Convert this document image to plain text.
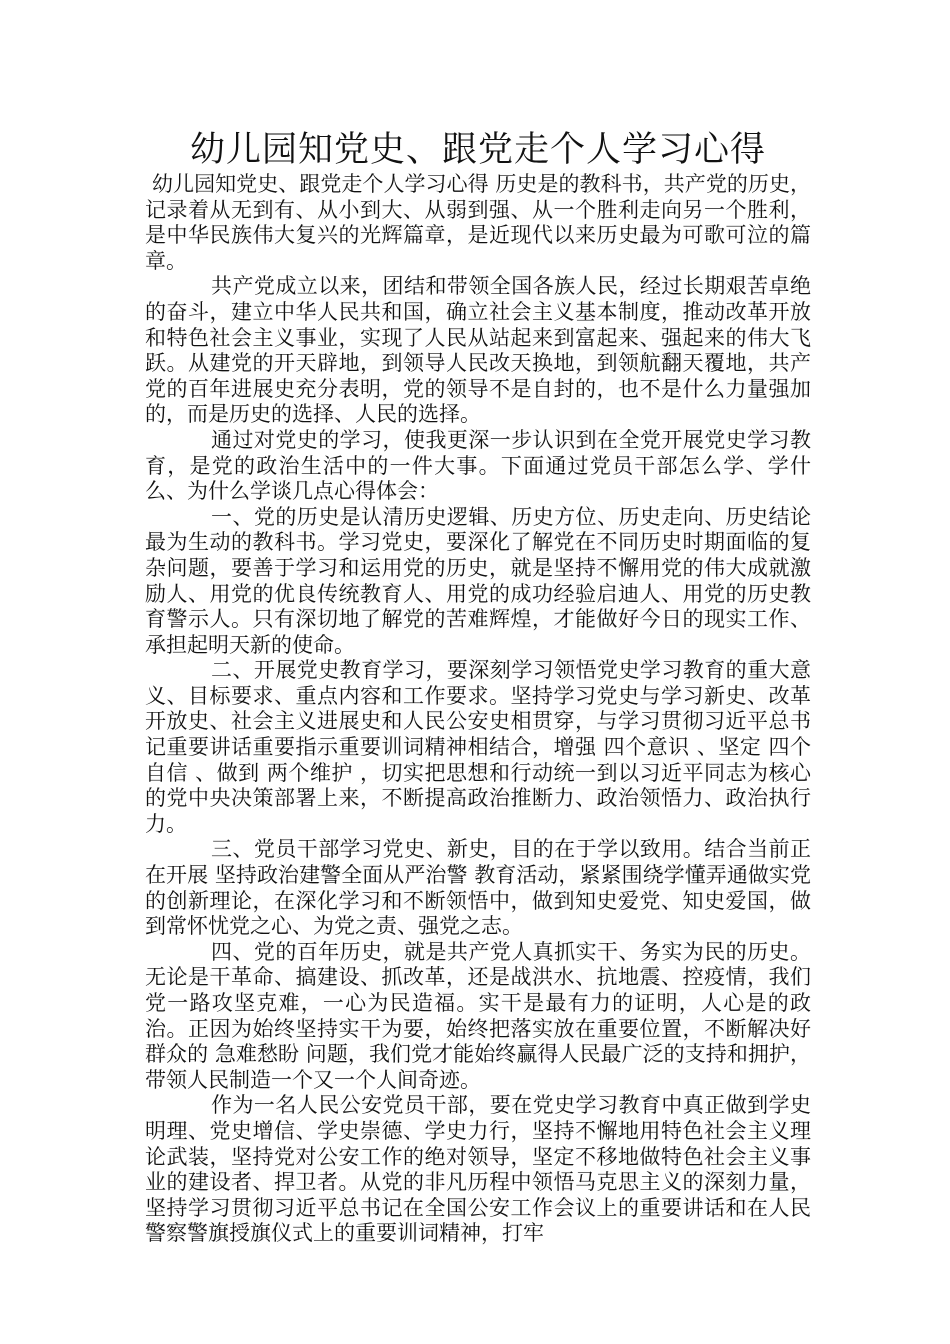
幼儿园知党史、跟党走个人学习心得

幼儿园知党史、跟党走个人学习心得 历史是的教科书，共产党的历史，记录着从无到有、从小到大、从弱到强、从一个胜利走向另一个胜利，是中华民族伟大复兴的光辉篇章，是近现代以来历史最为可歌可泣的篇章。

共产党成立以来，团结和带领全国各族人民，经过长期艰苦卓绝的奋斗，建立中华人民共和国，确立社会主义基本制度，推动改革开放和特色社会主义事业，实现了人民从站起来到富起来、强起来的伟大飞跃。从建党的开天辟地，到领导人民改天换地，到领航翻天覆地，共产党的百年进展史充分表明，党的领导不是自封的，也不是什么力量强加的，而是历史的选择、人民的选择。

通过对党史的学习，使我更深一步认识到在全党开展党史学习教育，是党的政治生活中的一件大事。下面通过党员干部怎么学、学什么、为什么学谈几点心得体会：

一、党的历史是认清历史逻辑、历史方位、历史走向、历史结论最为生动的教科书。学习党史，要深化了解党在不同历史时期面临的复杂问题，要善于学习和运用党的历史，就是坚持不懈用党的伟大成就激励人、用党的优良传统教育人、用党的成功经验启迪人、用党的历史教育警示人。只有深切地了解党的苦难辉煌，才能做好今日的现实工作、承担起明天新的使命。

二、开展党史教育学习，要深刻学习领悟党史学习教育的重大意义、目标要求、重点内容和工作要求。坚持学习党史与学习新史、改革开放史、社会主义进展史和人民公安史相贯穿，与学习贯彻习近平总书记重要讲话重要指示重要训词精神相结合，增强 四个意识 、坚定 四个自信 、做到 两个维护 ，切实把思想和行动统一到以习近平同志为核心的党中央决策部署上来，不断提高政治推断力、政治领悟力、政治执行力。

三、党员干部学习党史、新史，目的在于学以致用。结合当前正在开展 坚持政治建警全面从严治警 教育活动，紧紧围绕学懂弄通做实党的创新理论，在深化学习和不断领悟中，做到知史爱党、知史爱国，做到常怀忧党之心、为党之责、强党之志。

四、党的百年历史，就是共产党人真抓实干、务实为民的历史。无论是干革命、搞建设、抓改革，还是战洪水、抗地震、控疫情，我们党一路攻坚克难，一心为民造福。实干是最有力的证明，人心是的政治。正因为始终坚持实干为要，始终把落实放在重要位置，不断解决好群众的 急难愁盼 问题，我们党才能始终赢得人民最广泛的支持和拥护，带领人民制造一个又一个人间奇迹。

作为一名人民公安党员干部，要在党史学习教育中真正做到学史明理、党史增信、学史崇德、学史力行，坚持不懈地用特色社会主义理论武装，坚持党对公安工作的绝对领导，坚定不移地做特色社会主义事业的建设者、捍卫者。从党的非凡历程中领悟马克思主义的深刻力量，坚持学习贯彻习近平总书记在全国公安工作会议上的重要讲话和在人民警察警旗授旗仪式上的重要训词精神，打牢
